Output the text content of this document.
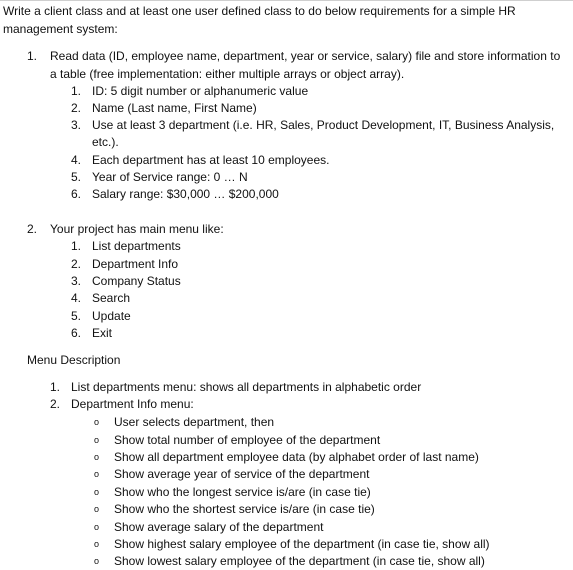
Write a client class and at least one user defined class to do below requirements for a simple HR
management system:
1. Read data (ID, employee name, department, year or service, salary) file and store information to
a table (free implementation: either multiple arrays or object array).
1. ID: 5 digit number or alphanumeric value
2. Name (Last name, First Name)
3. Use at least 3 department (i.e. HR, Sales, Product Development, IT, Business Analysis,
etc.).
4. Each department has at least 10 employees.
5. Year of Service range: 0 … N
6. Salary range: $30,000 … $200,000
2. Your project has main menu like:
1. List departments
2. Department Info
3. Company Status
4. Search
5. Update
6. Exit
Menu Description
1. List departments menu: shows all departments in alphabetic order
2. Department Info menu:
o User selects department, then
o Show total number of employee of the department
o Show all department employee data (by alphabet order of last name)
o Show average year of service of the department
o Show who the longest service is/are (in case tie)
o Show who the shortest service is/are (in case tie)
o Show average salary of the department
o Show highest salary employee of the department (in case tie, show all)
o Show lowest salary employee of the department (in case tie, show all)
